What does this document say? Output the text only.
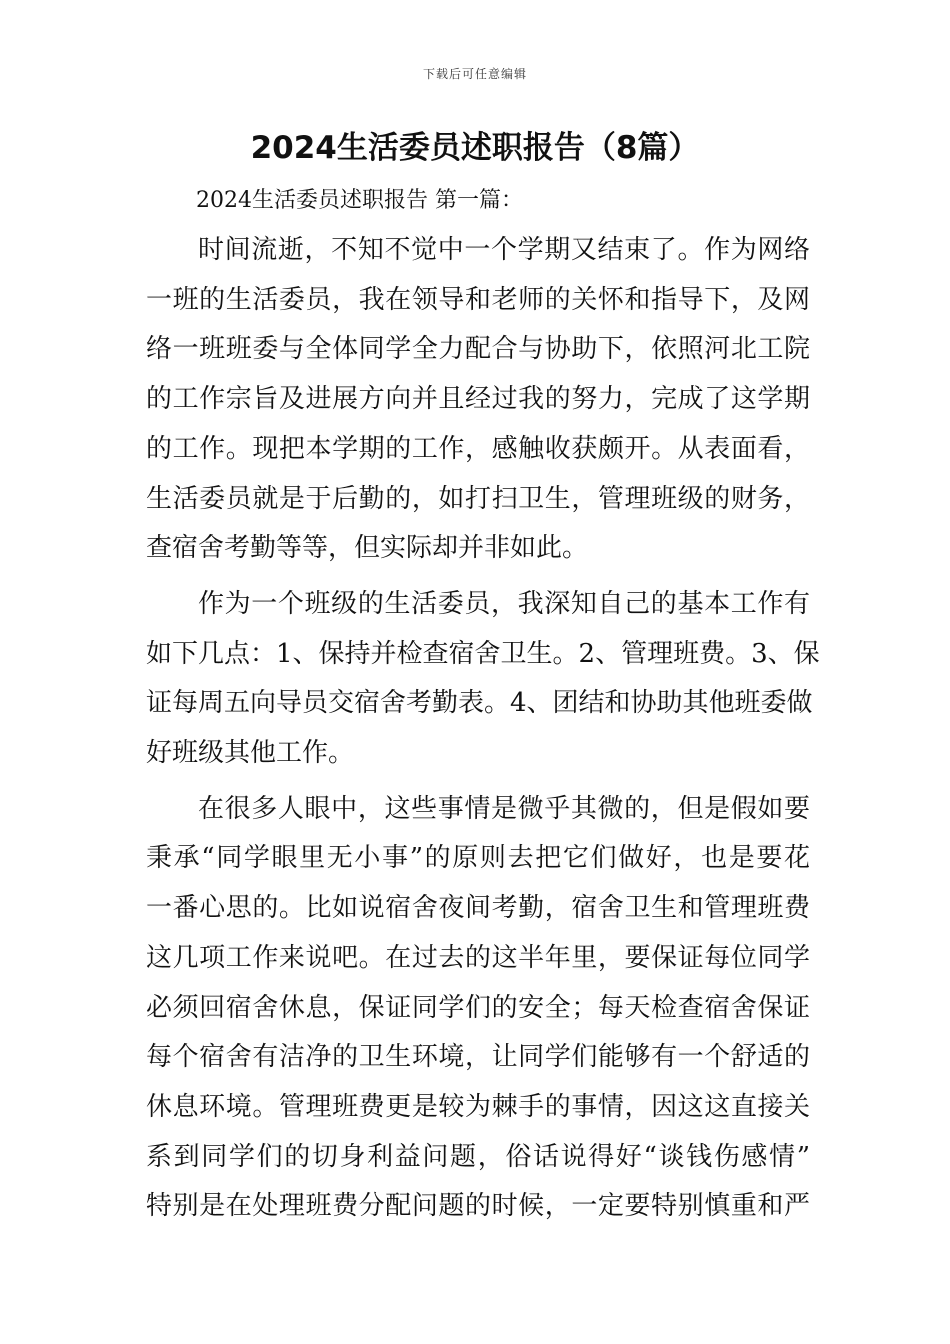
下载后可任意编辑
2024生活委员述职报告（8篇）
2024生活委员述职报告 第一篇：

时间流逝，不知不觉中一个学期又结束了。作为网络
一班的生活委员，我在领导和老师的关怀和指导下，及网
络一班班委与全体同学全力配合与协助下，依照河北工院
的工作宗旨及进展方向并且经过我的努力，完成了这学期
的工作。现把本学期的工作，感触收获颇开。从表面看，
生活委员就是于后勤的，如打扫卫生，管理班级的财务，
查宿舍考勤等等，但实际却并非如此。

作为一个班级的生活委员，我深知自己的基本工作有
如下几点：1、保持并检查宿舍卫生。2、管理班费。3、保
证每周五向导员交宿舍考勤表。4、团结和协助其他班委做
好班级其他工作。

在很多人眼中，这些事情是微乎其微的，但是假如要
秉承“同学眼里无小事”的原则去把它们做好，也是要花
一番心思的。比如说宿舍夜间考勤，宿舍卫生和管理班费
这几项工作来说吧。在过去的这半年里，要保证每位同学
必须回宿舍休息，保证同学们的安全；每天检查宿舍保证
每个宿舍有洁净的卫生环境，让同学们能够有一个舒适的
休息环境。管理班费更是较为棘手的事情，因这这直接关
系到同学们的切身利益问题，俗话说得好“谈钱伤感情”
特别是在处理班费分配问题的时候，一定要特别慎重和严
